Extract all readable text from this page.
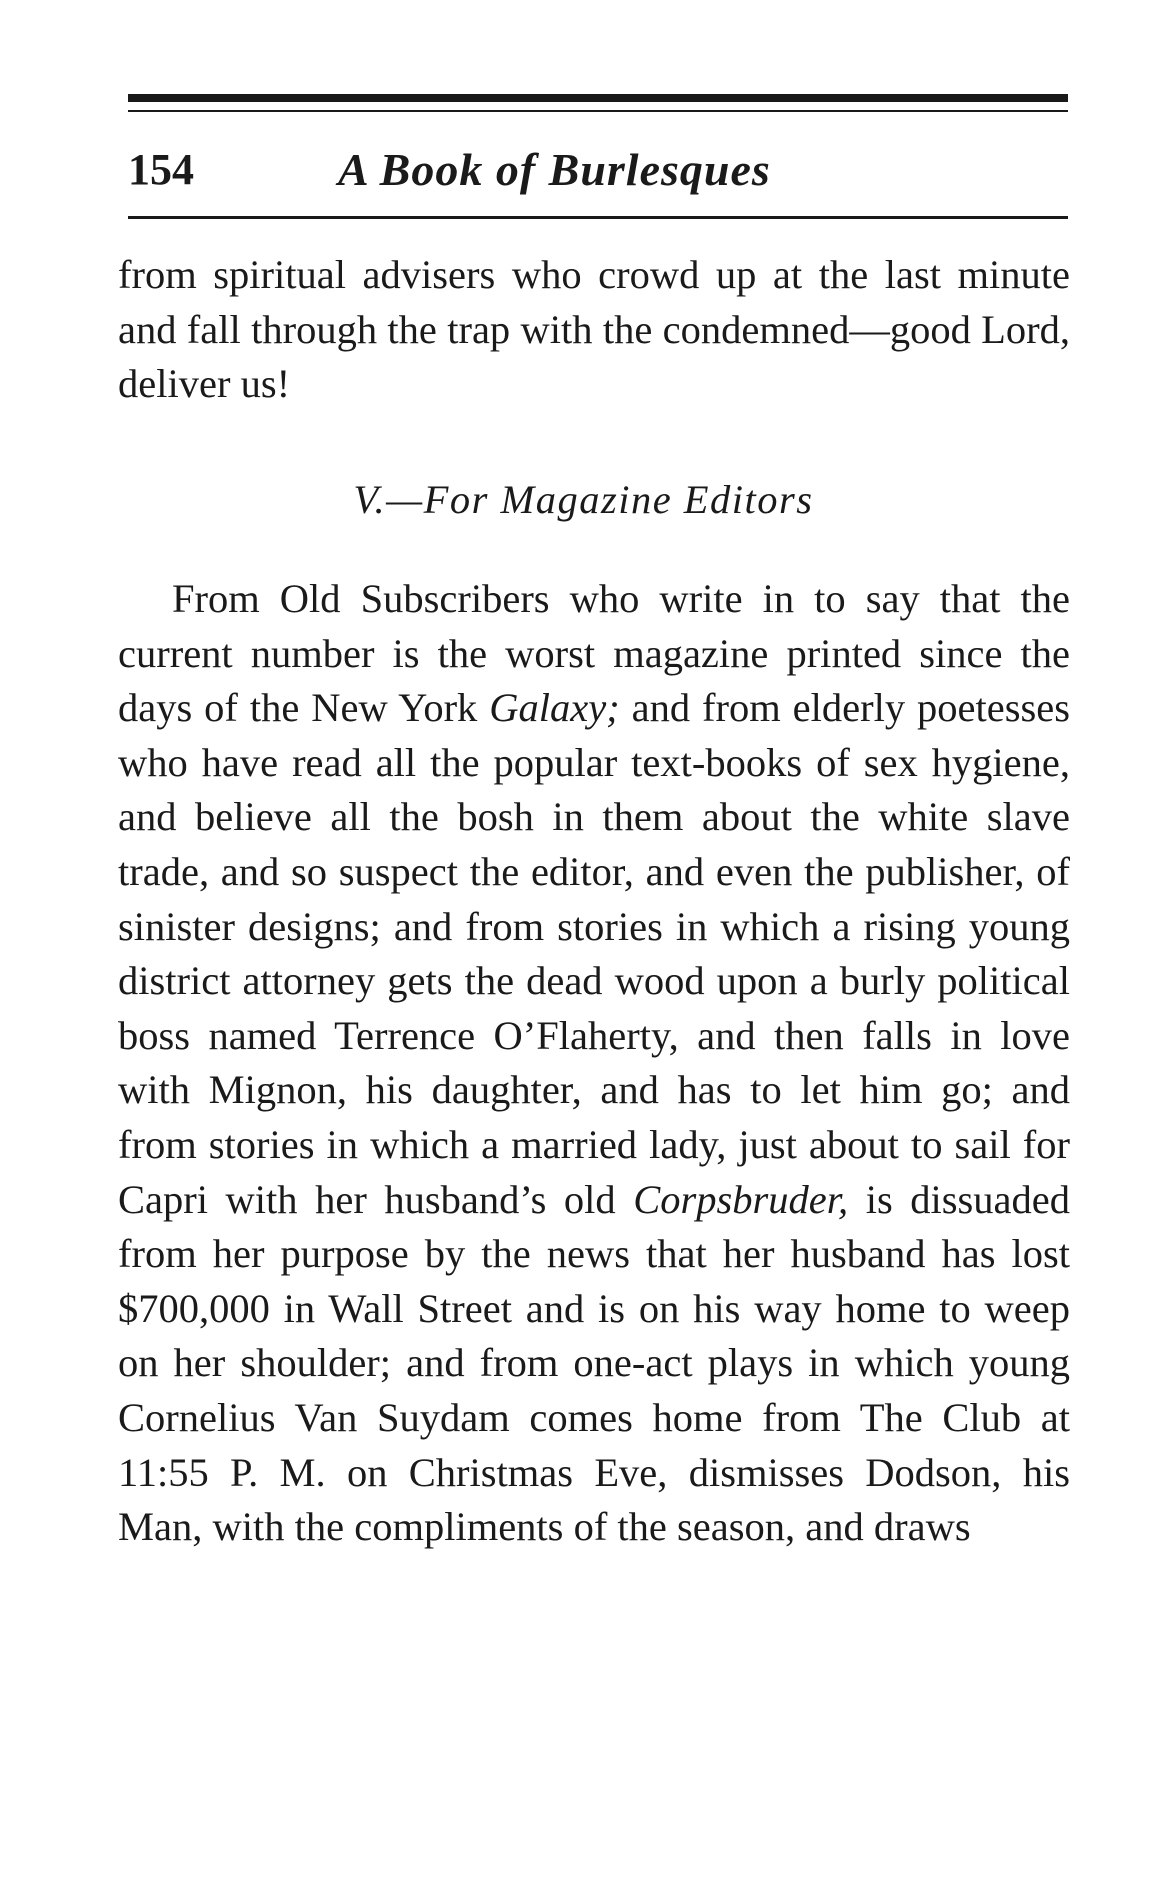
154	A Book of Burlesques

from spiritual advisers who crowd up at the last minute and fall through the trap with the condemned—good Lord, deliver us!

V.—For Magazine Editors

From Old Subscribers who write in to say that the current number is the worst magazine printed since the days of the New York Galaxy; and from elderly poetesses who have read all the popular text-books of sex hygiene, and believe all the bosh in them about the white slave trade, and so suspect the editor, and even the publisher, of sinister designs; and from stories in which a rising young district attorney gets the dead wood upon a burly political boss named Terrence O’Flaherty, and then falls in love with Mignon, his daughter, and has to let him go; and from stories in which a married lady, just about to sail for Capri with her husband’s old Corpsbruder, is dissuaded from her purpose by the news that her husband has lost $700,000 in Wall Street and is on his way home to weep on her shoulder; and from one-act plays in which young Cornelius Van Suydam comes home from The Club at 11:55 P. M. on Christmas Eve, dismisses Dodson, his Man, with the compliments of the season, and draws
